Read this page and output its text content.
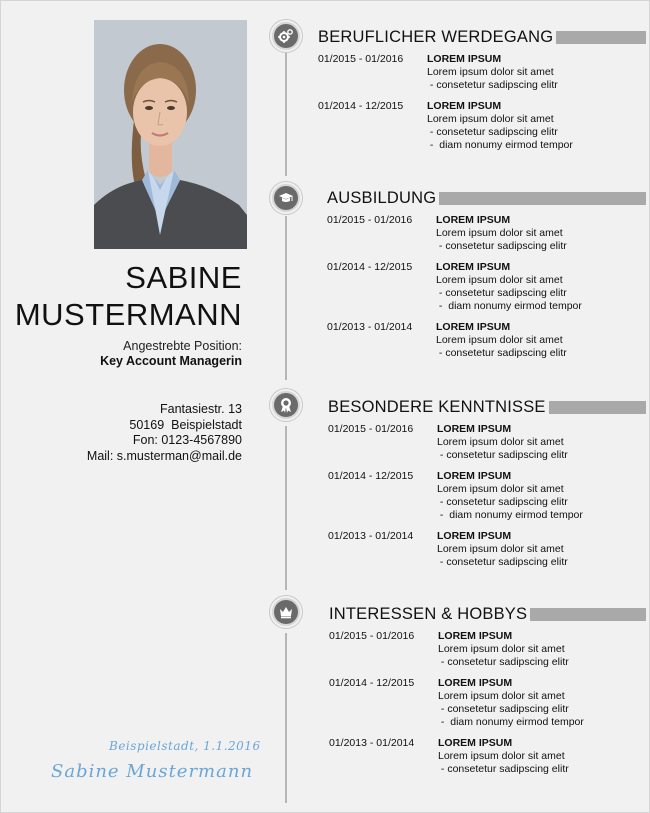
SABINE
MUSTERMANN
Angestrebte Position:
Key Account Managerin
Fantasiestr. 13
50169  Beispielstadt
Fon: 0123-4567890
Mail: s.musterman@mail.de
Beispielstadt, 1.1.2016
Sabine Mustermann
BERUFLICHER WERDEGANG
01/2015 - 01/2016 LOREM IPSUM
Lorem ipsum dolor sit amet
- consetetur sadipscing elitr
01/2014 - 12/2015 LOREM IPSUM
Lorem ipsum dolor sit amet
- consetetur sadipscing elitr
-  diam nonumy eirmod tempor
AUSBILDUNG
01/2015 - 01/2016 LOREM IPSUM
Lorem ipsum dolor sit amet
- consetetur sadipscing elitr
01/2014 - 12/2015 LOREM IPSUM
Lorem ipsum dolor sit amet
- consetetur sadipscing elitr
-  diam nonumy eirmod tempor
01/2013 - 01/2014 LOREM IPSUM
Lorem ipsum dolor sit amet
- consetetur sadipscing elitr
BESONDERE KENNTNISSE
01/2015 - 01/2016 LOREM IPSUM
Lorem ipsum dolor sit amet
- consetetur sadipscing elitr
01/2014 - 12/2015 LOREM IPSUM
Lorem ipsum dolor sit amet
- consetetur sadipscing elitr
-  diam nonumy eirmod tempor
01/2013 - 01/2014 LOREM IPSUM
Lorem ipsum dolor sit amet
- consetetur sadipscing elitr
INTERESSEN & HOBBYS
01/2015 - 01/2016 LOREM IPSUM
Lorem ipsum dolor sit amet
- consetetur sadipscing elitr
01/2014 - 12/2015 LOREM IPSUM
Lorem ipsum dolor sit amet
- consetetur sadipscing elitr
-  diam nonumy eirmod tempor
01/2013 - 01/2014 LOREM IPSUM
Lorem ipsum dolor sit amet
- consetetur sadipscing elitr
